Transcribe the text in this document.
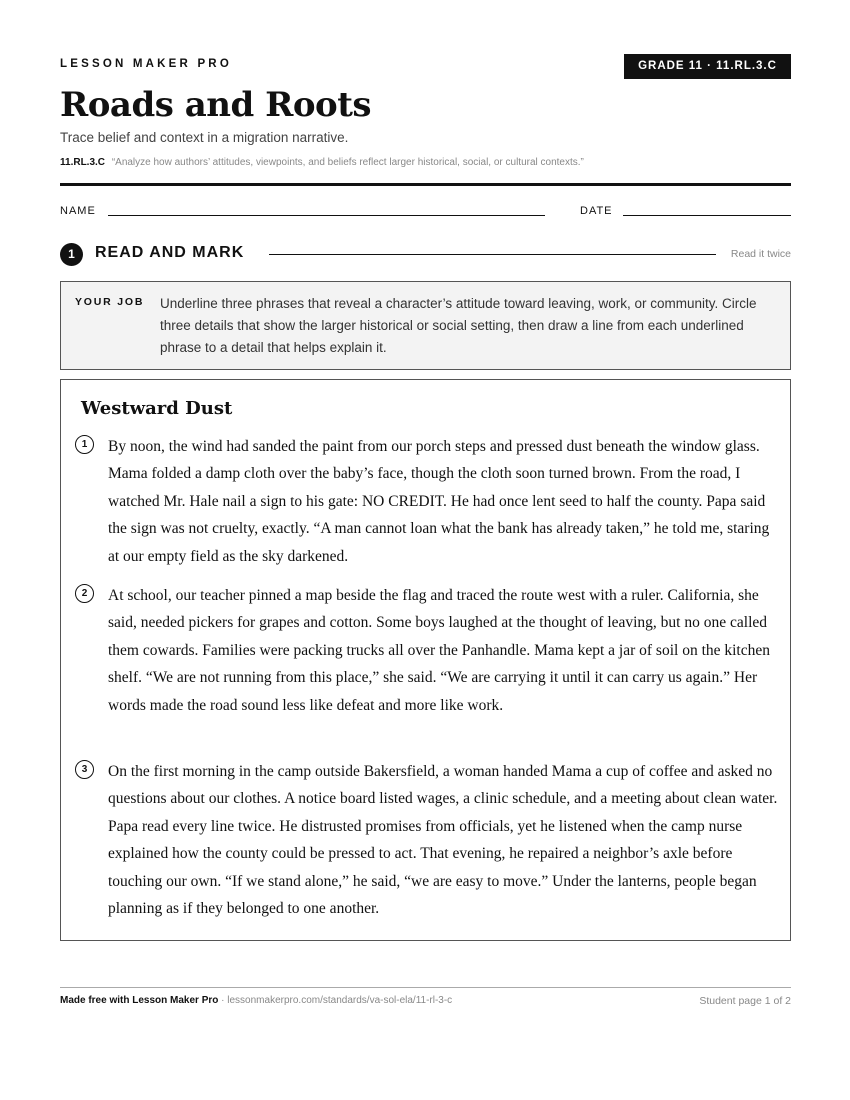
LESSON MAKER PRO	GRADE 11 · 11.RL.3.C
Roads and Roots
Trace belief and context in a migration narrative.
11.RL.3.C “Analyze how authors’ attitudes, viewpoints, and beliefs reflect larger historical, social, or cultural contexts.”
NAME	DATE
1	READ AND MARK	Read it twice
YOUR JOB Underline three phrases that reveal a character’s attitude toward leaving, work, or community. Circle three details that show the larger historical or social setting, then draw a line from each underlined phrase to a detail that helps explain it.
Westward Dust
1	By noon, the wind had sanded the paint from our porch steps and pressed dust beneath the window glass. Mama folded a damp cloth over the baby’s face, though the cloth soon turned brown. From the road, I watched Mr. Hale nail a sign to his gate: NO CREDIT. He had once lent seed to half the county. Papa said the sign was not cruelty, exactly. “A man cannot loan what the bank has already taken,” he told me, staring at our empty field as the sky darkened.
2	At school, our teacher pinned a map beside the flag and traced the route west with a ruler. California, she said, needed pickers for grapes and cotton. Some boys laughed at the thought of leaving, but no one called them cowards. Families were packing trucks all over the Panhandle. Mama kept a jar of soil on the kitchen shelf. “We are not running from this place,” she said. “We are carrying it until it can carry us again.” Her words made the road sound less like defeat and more like work.
3	On the first morning in the camp outside Bakersfield, a woman handed Mama a cup of coffee and asked no questions about our clothes. A notice board listed wages, a clinic schedule, and a meeting about clean water. Papa read every line twice. He distrusted promises from officials, yet he listened when the camp nurse explained how the county could be pressed to act. That evening, he repaired a neighbor’s axle before touching our own. “If we stand alone,” he said, “we are easy to move.” Under the lanterns, people began planning as if they belonged to one another.
Made free with Lesson Maker Pro · lessonmakerpro.com/standards/va-sol-ela/11-rl-3-c	Student page 1 of 2
